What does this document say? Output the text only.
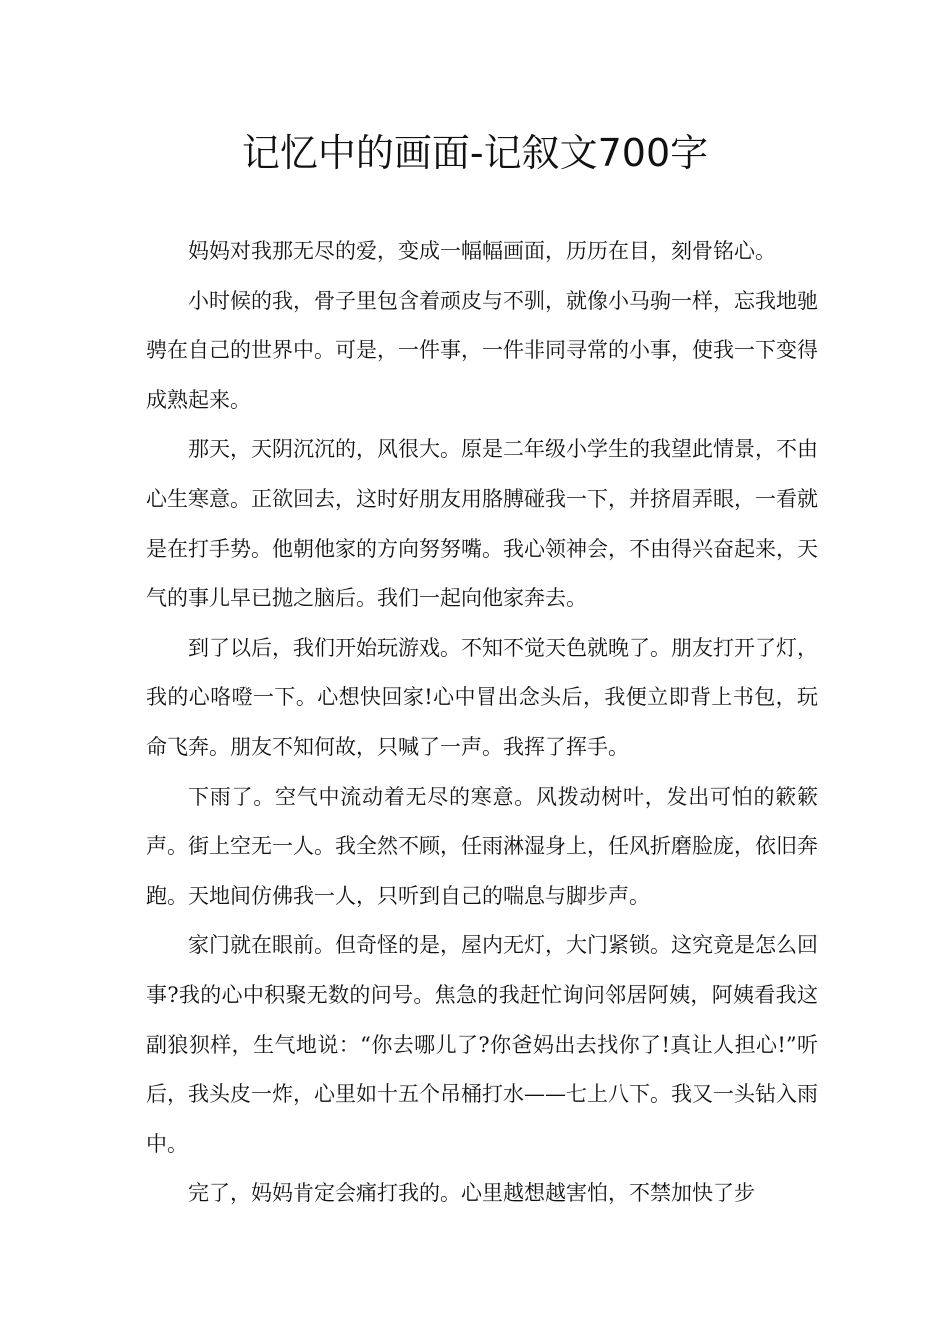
记忆中的画面-记叙文700字

妈妈对我那无尽的爱，变成一幅幅画面，历历在目，刻骨铭心。

小时候的我，骨子里包含着顽皮与不驯，就像小马驹一样，忘我地驰骋在自己的世界中。可是，一件事，一件非同寻常的小事，使我一下变得成熟起来。

那天，天阴沉沉的，风很大。原是二年级小学生的我望此情景，不由心生寒意。正欲回去，这时好朋友用胳膊碰我一下，并挤眉弄眼，一看就是在打手势。他朝他家的方向努努嘴。我心领神会，不由得兴奋起来，天气的事儿早已抛之脑后。我们一起向他家奔去。

到了以后，我们开始玩游戏。不知不觉天色就晚了。朋友打开了灯，我的心咯噔一下。心想快回家!心中冒出念头后，我便立即背上书包，玩命飞奔。朋友不知何故，只喊了一声。我挥了挥手。

下雨了。空气中流动着无尽的寒意。风拨动树叶，发出可怕的簌簌声。街上空无一人。我全然不顾，任雨淋湿身上，任风折磨脸庞，依旧奔跑。天地间仿佛我一人，只听到自己的喘息与脚步声。

家门就在眼前。但奇怪的是，屋内无灯，大门紧锁。这究竟是怎么回事?我的心中积聚无数的问号。焦急的我赶忙询问邻居阿姨，阿姨看我这副狼狈样，生气地说：“你去哪儿了?你爸妈出去找你了!真让人担心!”听后，我头皮一炸，心里如十五个吊桶打水——七上八下。我又一头钻入雨中。

完了，妈妈肯定会痛打我的。心里越想越害怕，不禁加快了步
